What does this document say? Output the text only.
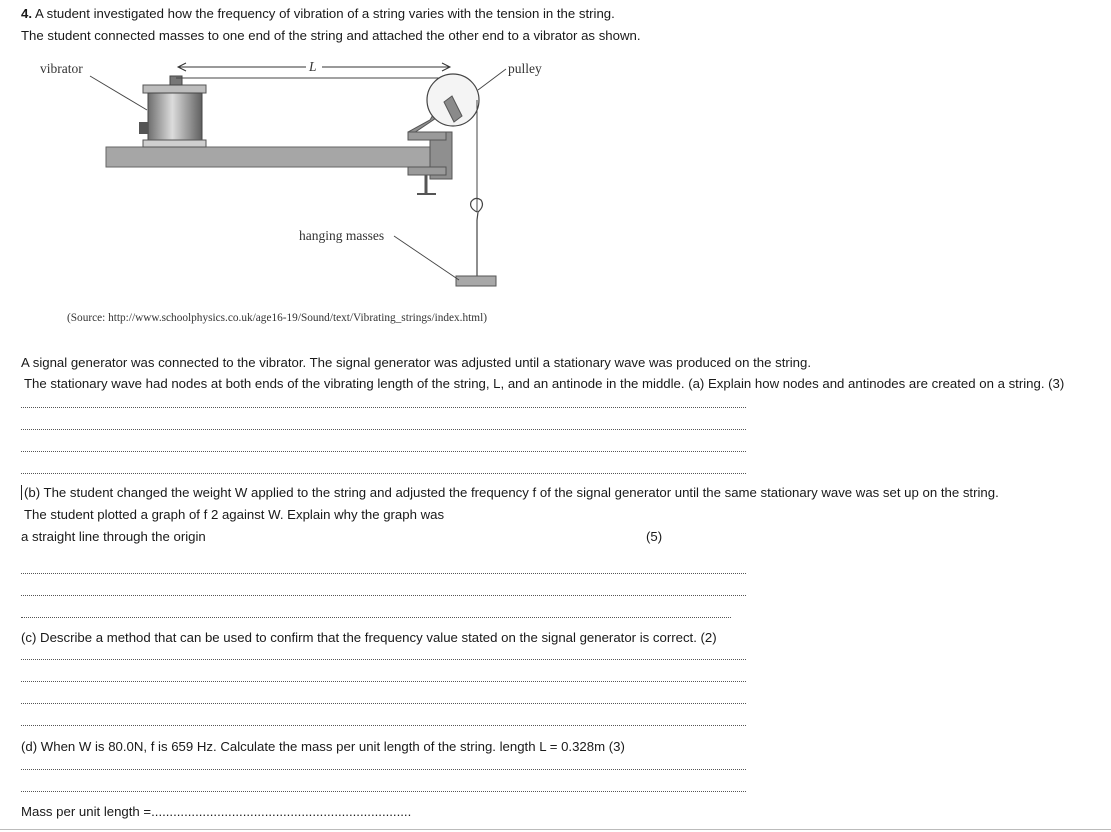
4. A student investigated how the frequency of vibration of a string varies with the tension in the string.
The student connected masses to one end of the string and attached the other end to a vibrator as shown.
vibrator	L	pulley
hanging masses
(Source: http://www.schoolphysics.co.uk/age16-19/Sound/text/Vibrating_strings/index.html)
A signal generator was connected to the vibrator. The signal generator was adjusted until a stationary wave was produced on the string.
The stationary wave had nodes at both ends of the vibrating length of the string, L, and an antinode in the middle. (a) Explain how nodes and antinodes are created on a string. (3)
(b) The student changed the weight W applied to the string and adjusted the frequency f of the signal generator until the same stationary wave was set up on the string.
The student plotted a graph of f 2 against W. Explain why the graph was
a straight line through the origin	(5)
(c) Describe a method that can be used to confirm that the frequency value stated on the signal generator is correct. (2)
(d) When W is 80.0N, f is 659 Hz. Calculate the mass per unit length of the string. length L = 0.328m (3)
Mass per unit length =.......................................................................
